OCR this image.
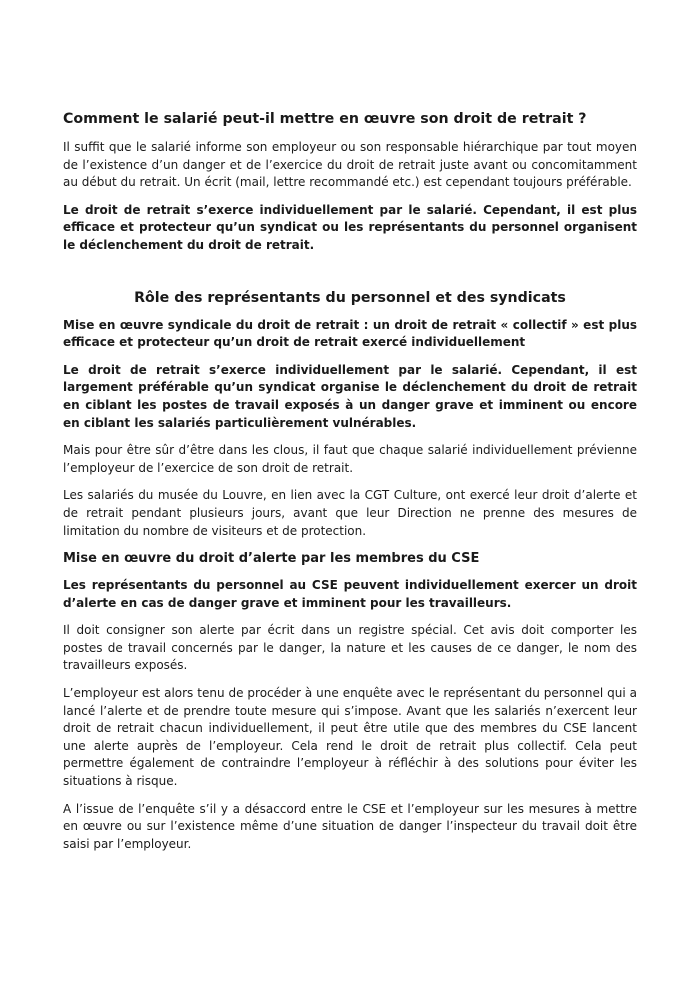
Comment le salarié peut-il mettre en œuvre son droit de retrait ?

Il suffit que le salarié informe son employeur ou son responsable hiérarchique par tout moyen de l’existence d’un danger et de l’exercice du droit de retrait juste avant ou concomitamment au début du retrait. Un écrit (mail, lettre recommandé etc.) est cependant toujours préférable.

Le droit de retrait s’exerce individuellement par le salarié. Cependant, il est plus efficace et protecteur qu’un syndicat ou les représentants du personnel organisent le déclenchement du droit de retrait.

Rôle des représentants du personnel et des syndicats

Mise en œuvre syndicale du droit de retrait : un droit de retrait « collectif » est plus efficace et protecteur qu’un droit de retrait exercé individuellement

Le droit de retrait s’exerce individuellement par le salarié. Cependant, il est largement préférable qu’un syndicat organise le déclenchement du droit de retrait en ciblant les postes de travail exposés à un danger grave et imminent ou encore en ciblant les salariés particulièrement vulnérables.

Mais pour être sûr d’être dans les clous, il faut que chaque salarié individuellement prévienne l’employeur de l’exercice de son droit de retrait.

Les salariés du musée du Louvre, en lien avec la CGT Culture, ont exercé leur droit d’alerte et de retrait pendant plusieurs jours, avant que leur Direction ne prenne des mesures de limitation du nombre de visiteurs et de protection.

Mise en œuvre du droit d’alerte par les membres du CSE

Les représentants du personnel au CSE peuvent individuellement exercer un droit d’alerte en cas de danger grave et imminent pour les travailleurs.

Il doit consigner son alerte par écrit dans un registre spécial. Cet avis doit comporter les postes de travail concernés par le danger, la nature et les causes de ce danger, le nom des travailleurs exposés.

L’employeur est alors tenu de procéder à une enquête avec le représentant du personnel qui a lancé l’alerte et de prendre toute mesure qui s’impose. Avant que les salariés n’exercent leur droit de retrait chacun individuellement, il peut être utile que des membres du CSE lancent une alerte auprès de l’employeur. Cela rend le droit de retrait plus collectif. Cela peut permettre également de contraindre l’employeur à réfléchir à des solutions pour éviter les situations à risque.

A l’issue de l’enquête s’il y a désaccord entre le CSE et l’employeur sur les mesures à mettre en œuvre ou sur l’existence même d’une situation de danger l’inspecteur du travail doit être saisi par l’employeur.
